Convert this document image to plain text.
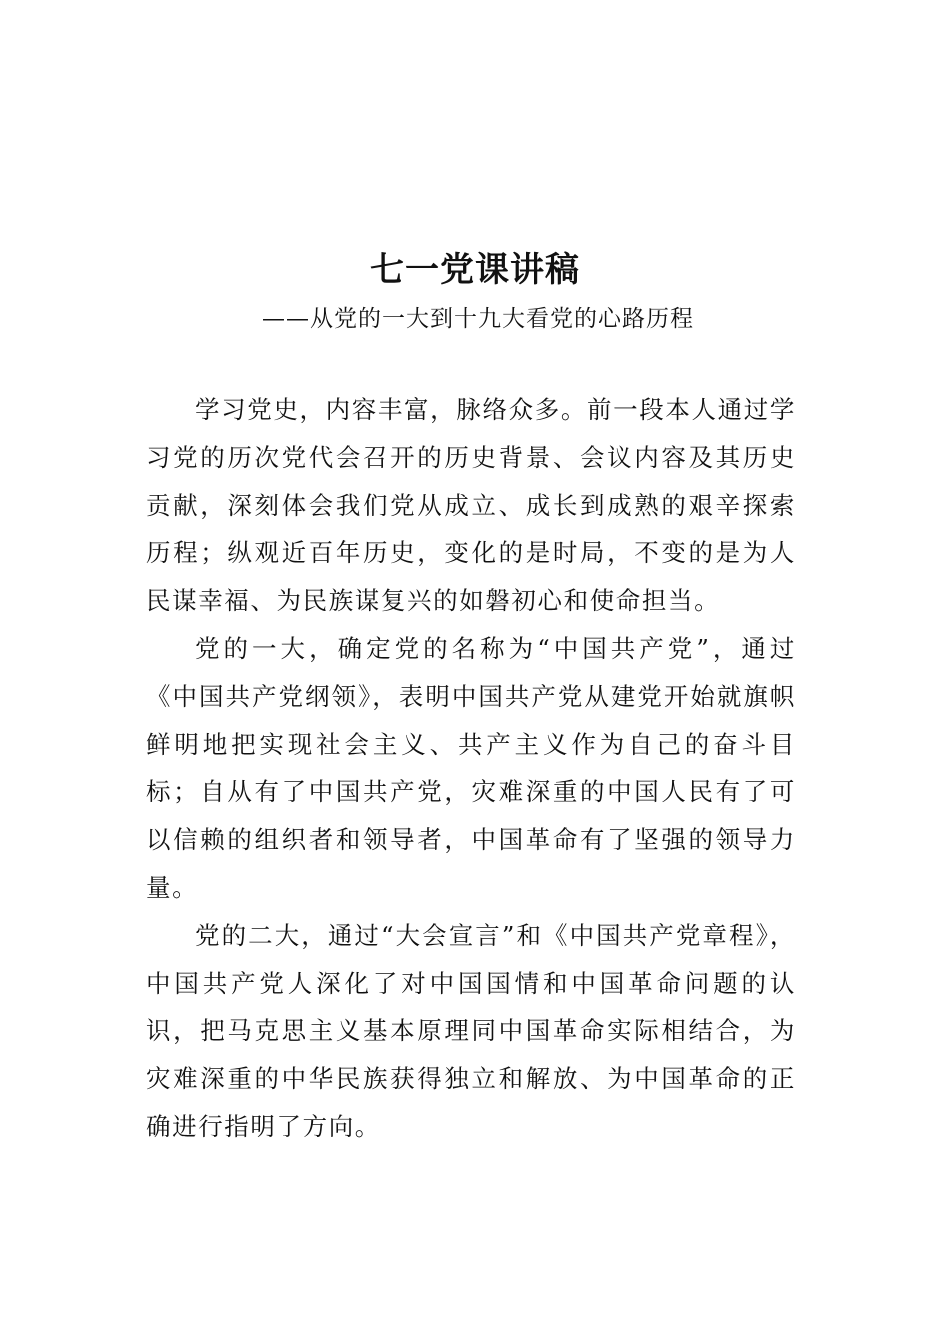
七一党课讲稿
——从党的一大到十九大看党的心路历程

学习党史，内容丰富，脉络众多。前一段本人通过学习党的历次党代会召开的历史背景、会议内容及其历史贡献，深刻体会我们党从成立、成长到成熟的艰辛探索历程；纵观近百年历史，变化的是时局，不变的是为人民谋幸福、为民族谋复兴的如磐初心和使命担当。

党的一大，确定党的名称为“中国共产党”，通过《中国共产党纲领》，表明中国共产党从建党开始就旗帜鲜明地把实现社会主义、共产主义作为自己的奋斗目标；自从有了中国共产党，灾难深重的中国人民有了可以信赖的组织者和领导者，中国革命有了坚强的领导力量。

党的二大，通过“大会宣言”和《中国共产党章程》，中国共产党人深化了对中国国情和中国革命问题的认识，把马克思主义基本原理同中国革命实际相结合，为灾难深重的中华民族获得独立和解放、为中国革命的正确进行指明了方向。
